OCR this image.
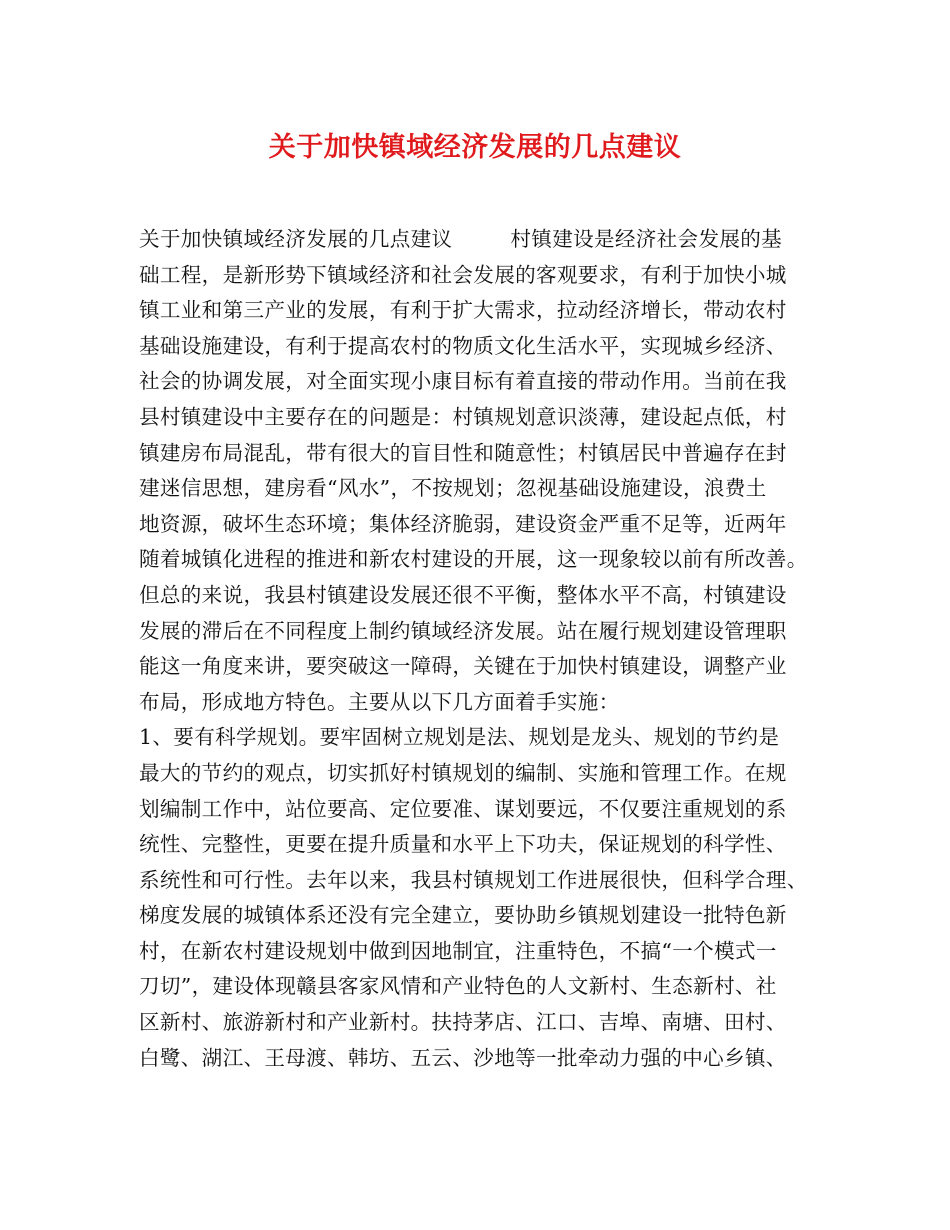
关于加快镇域经济发展的几点建议
关于加快镇域经济发展的几点建议	村镇建设是经济社会发展的基
础工程，是新形势下镇域经济和社会发展的客观要求，有利于加快小城
镇工业和第三产业的发展，有利于扩大需求，拉动经济增长，带动农村
基础设施建设，有利于提高农村的物质文化生活水平，实现城乡经济、
社会的协调发展，对全面实现小康目标有着直接的带动作用。当前在我
县村镇建设中主要存在的问题是：村镇规划意识淡薄，建设起点低，村
镇建房布局混乱，带有很大的盲目性和随意性；村镇居民中普遍存在封
建迷信思想，建房看“风水”，不按规划；忽视基础设施建设，浪费土
地资源，破坏生态环境；集体经济脆弱，建设资金严重不足等，近两年
随着城镇化进程的推进和新农村建设的开展，这一现象较以前有所改善。
但总的来说，我县村镇建设发展还很不平衡，整体水平不高，村镇建设
发展的滞后在不同程度上制约镇域经济发展。站在履行规划建设管理职
能这一角度来讲，要突破这一障碍，关键在于加快村镇建设，调整产业
布局，形成地方特色。主要从以下几方面着手实施：
1、要有科学规划。要牢固树立规划是法、规划是龙头、规划的节约是
最大的节约的观点，切实抓好村镇规划的编制、实施和管理工作。在规
划编制工作中，站位要高、定位要准、谋划要远，不仅要注重规划的系
统性、完整性，更要在提升质量和水平上下功夫，保证规划的科学性、
系统性和可行性。去年以来，我县村镇规划工作进展很快，但科学合理、
梯度发展的城镇体系还没有完全建立，要协助乡镇规划建设一批特色新
村，在新农村建设规划中做到因地制宜，注重特色，不搞“一个模式一
刀切”，建设体现赣县客家风情和产业特色的人文新村、生态新村、社
区新村、旅游新村和产业新村。扶持茅店、江口、吉埠、南塘、田村、
白鹭、湖江、王母渡、韩坊、五云、沙地等一批牵动力强的中心乡镇、
